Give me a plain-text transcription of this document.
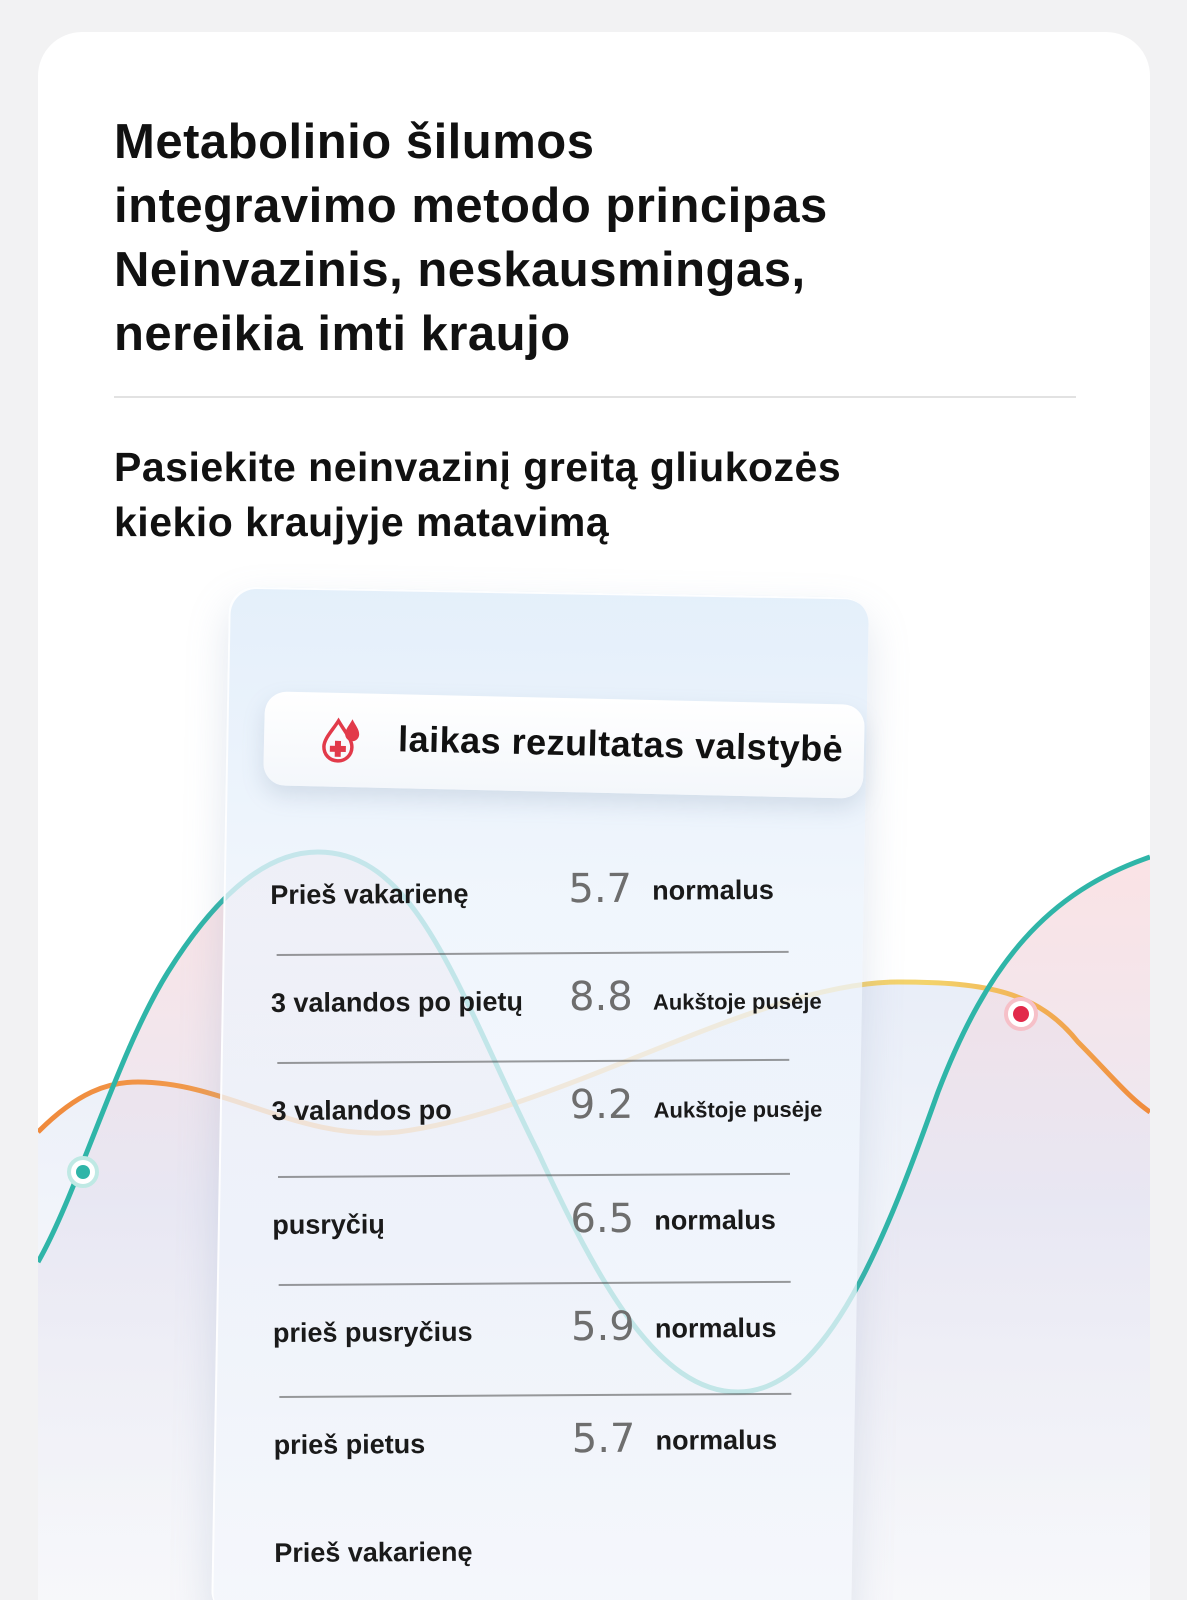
Metabolinio šilumos
integravimo metodo principas
Neinvazinis, neskausmingas,
nereikia imti kraujo
Pasiekite neinvazinį greitą gliukozės
kiekio kraujyje matavimą
laikas rezultatas valstybė
Prieš vakarienę 5.7 normalus
3 valandos po pietų 8.8 Aukštoje pusėje
3 valandos po	9.2 Aukštoje pusėje
pusryčių	6.5 normalus
prieš pusryčius 5.9 normalus
prieš pietus	5.7 normalus
Prieš vakarienę
